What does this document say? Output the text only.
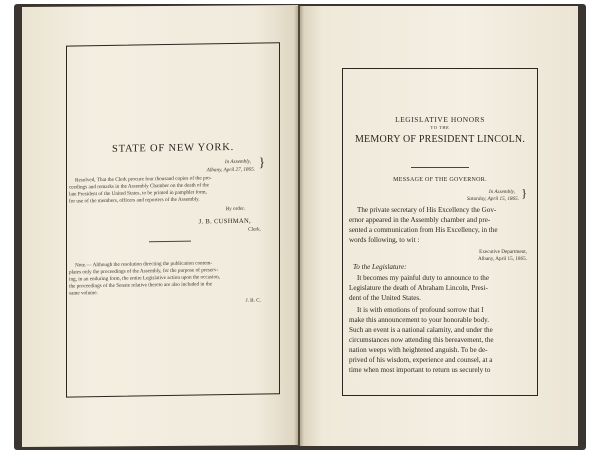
STATE OF NEW YORK.
In Assembly,
Albany, April 27, 1865.
}
Resolved, That the Clerk procure four thousand copies of the pro-
ceedings and remarks in the Assembly Chamber on the death of the
late President of the United States, to be printed in pamphlet form,
for use of the members, officers and reporters of the Assembly.
By order.
J. B. CUSHMAN,
Clerk.
Note.— Although the resolution directing the publication contem-
plates only the proceedings of the Assembly, for the purpose of preserv-
ing, in an enduring form, the entire Legislative action upon the occasion,
the proceedings of the Senate relative thereto are also included in the
same volume.
J. B. C.
LEGISLATIVE HONORS
TO THE
MEMORY OF PRESIDENT LINCOLN.
MESSAGE OF THE GOVERNOR.
In Assembly,
Saturday, April 15, 1865. }
The private secretary of His Excellency the Gov-
ernor appeared in the Assembly chamber and pre-
sented a communication from His Excellency, in the
words following, to wit :
Executive Department,
Albany, April 15, 1865.
To the Legislature:
It becomes my painful duty to announce to the
Legislature the death of Abraham Lincoln, Presi-
dent of the United States.
It is with emotions of profound sorrow that I
make this announcement to your honorable body.
Such an event is a national calamity, and under the
circumstances now attending this bereavement, the
nation weeps with heightened anguish. To be de-
prived of his wisdom, experience and counsel, at a
time when most important to return us securely to
